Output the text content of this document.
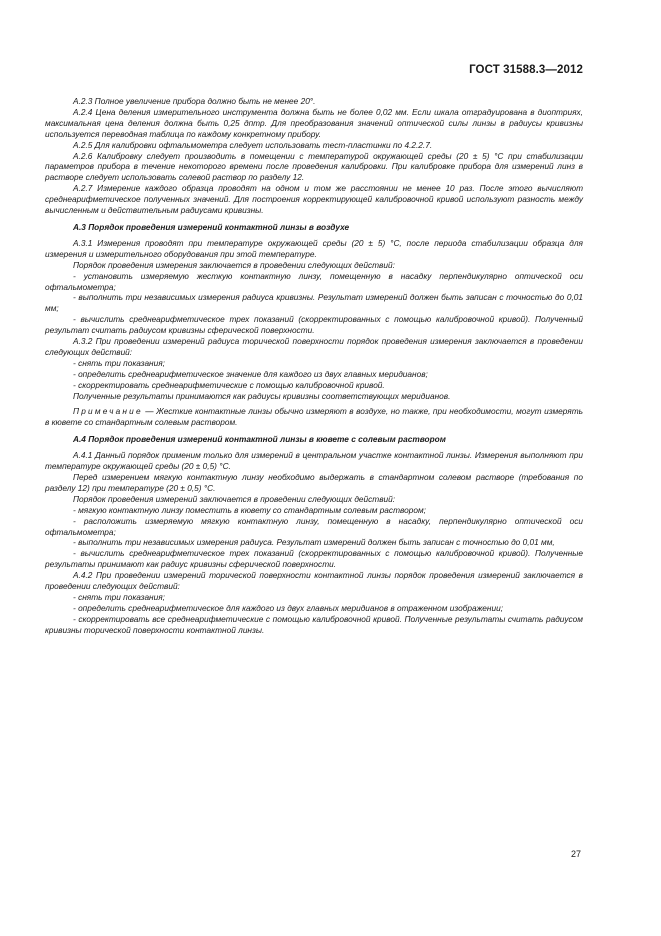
ГОСТ 31588.3—2012

А.2.3 Полное увеличение прибора должно быть не менее 20°.

А.2.4 Цена деления измерительного инструмента должна быть не более 0,02 мм. Если шкала отградуирована в диоптриях, максимальная цена деления должна быть 0,25 дптр. Для преобразования значений оптической силы линзы в радиусы кривизны используется переводная таблица по каждому конкретному прибору.

А.2.5 Для калибровки офтальмометра следует использовать тест-пластинки по 4.2.2.7.

А.2.6 Калибровку следует производить в помещении с температурой окружающей среды (20 ± 5) °С при стабилизации параметров прибора в течение некоторого времени после проведения калибровки. При калибровке прибора для измерений линз в растворе следует использовать солевой раствор по разделу 12.

А.2.7 Измерение каждого образца проводят на одном и том же расстоянии не менее 10 раз. После этого вычисляют среднеарифметическое полученных значений. Для построения корректирующей калибровочной кривой используют разность между вычисленным и действительным радиусами кривизны.

А.3 Порядок проведения измерений контактной линзы в воздухе

А.3.1 Измерения проводят при температуре окружающей среды (20 ± 5) °С, после периода стабилизации образца для измерения и измерительного оборудования при этой температуре.

Порядок проведения измерения заключается в проведении следующих действий:

- установить измеряемую жесткую контактную линзу, помещенную в насадку перпендикулярно оптической оси офтальмометра;

- выполнить три независимых измерения радиуса кривизны. Результат измерений должен быть записан с точностью до 0,01 мм;

- вычислить среднеарифметическое трех показаний (скорректированных с помощью калибровочной кривой). Полученный результат считать радиусом кривизны сферической поверхности.

А.3.2 При проведении измерений радиуса торической поверхности порядок проведения измерения заключается в проведении следующих действий:

- снять три показания;

- определить среднеарифметическое значение для каждого из двух главных меридианов;

- скорректировать среднеарифметические с помощью калибровочной кривой.

Полученные результаты принимаются как радиусы кривизны соответствующих меридианов.

Примечание — Жесткие контактные линзы обычно измеряют в воздухе, но также, при необходимости, могут измерять в кювете со стандартным солевым раствором.

А.4 Порядок проведения измерений контактной линзы в кювете с солевым раствором

А.4.1 Данный порядок применим только для измерений в центральном участке контактной линзы. Измерения выполняют при температуре окружающей среды (20 ± 0,5) °С.

Перед измерением мягкую контактную линзу необходимо выдержать в стандартном солевом растворе (требования по разделу 12) при температуре (20 ± 0,5) °С.

Порядок проведения измерений заключается в проведении следующих действий:

- мягкую контактную линзу поместить в кювету со стандартным солевым раствором;

- расположить измеряемую мягкую контактную линзу, помещенную в насадку, перпендикулярно оптической оси офтальмометра;

- выполнить три независимых измерения радиуса. Результат измерений должен быть записан с точностью до 0,01 мм,

- вычислить среднеарифметическое трех показаний (скорректированных с помощью калибровочной кривой). Полученные результаты принимают как радиус кривизны сферической поверхности.

А.4.2 При проведении измерений торической поверхности контактной линзы порядок проведения измерений заключается в проведении следующих действий:

- снять три показания;

- определить среднеарифметическое для каждого из двух главных меридианов в отраженном изображении;

- скорректировать все среднеарифметические с помощью калибровочной кривой. Полученные результаты считать радиусом кривизны торической поверхности контактной линзы.

27
